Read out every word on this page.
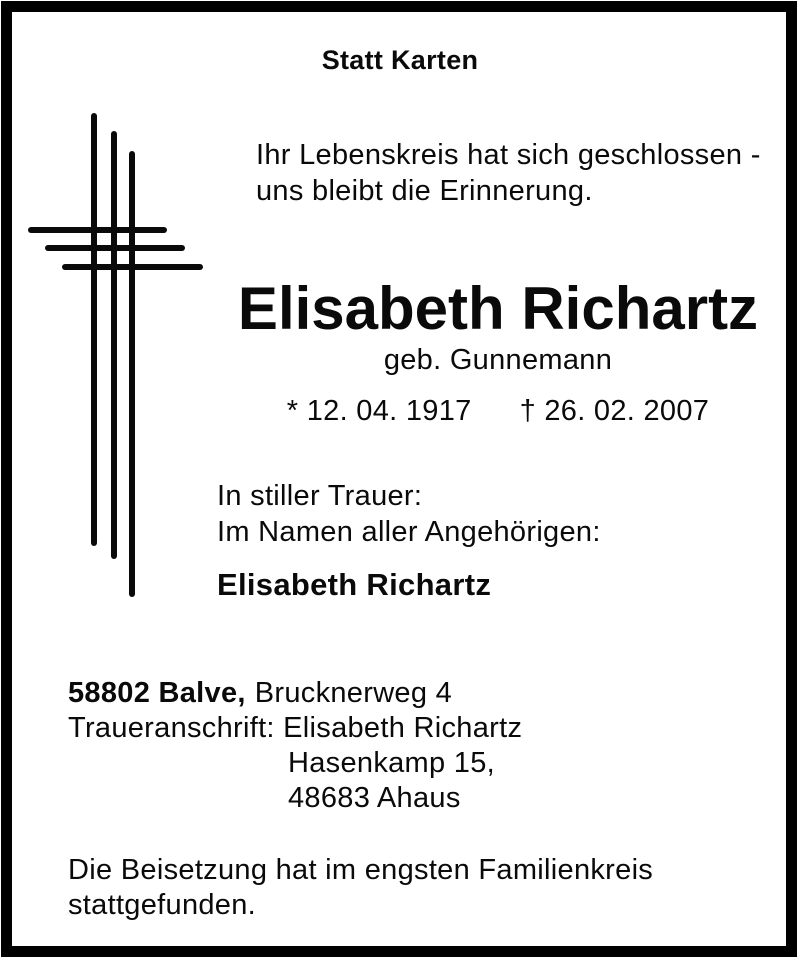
Statt Karten
Ihr Lebenskreis hat sich geschlossen -
uns bleibt die Erinnerung.
Elisabeth Richartz
geb. Gunnemann
* 12. 04. 1917 † 26. 02. 2007
In stiller Trauer:
Im Namen aller Angehörigen:
Elisabeth Richartz
58802 Balve, Brucknerweg 4
Traueranschrift: Elisabeth Richartz
Hasenkamp 15,
48683 Ahaus
Die Beisetzung hat im engsten Familienkreis
stattgefunden.
